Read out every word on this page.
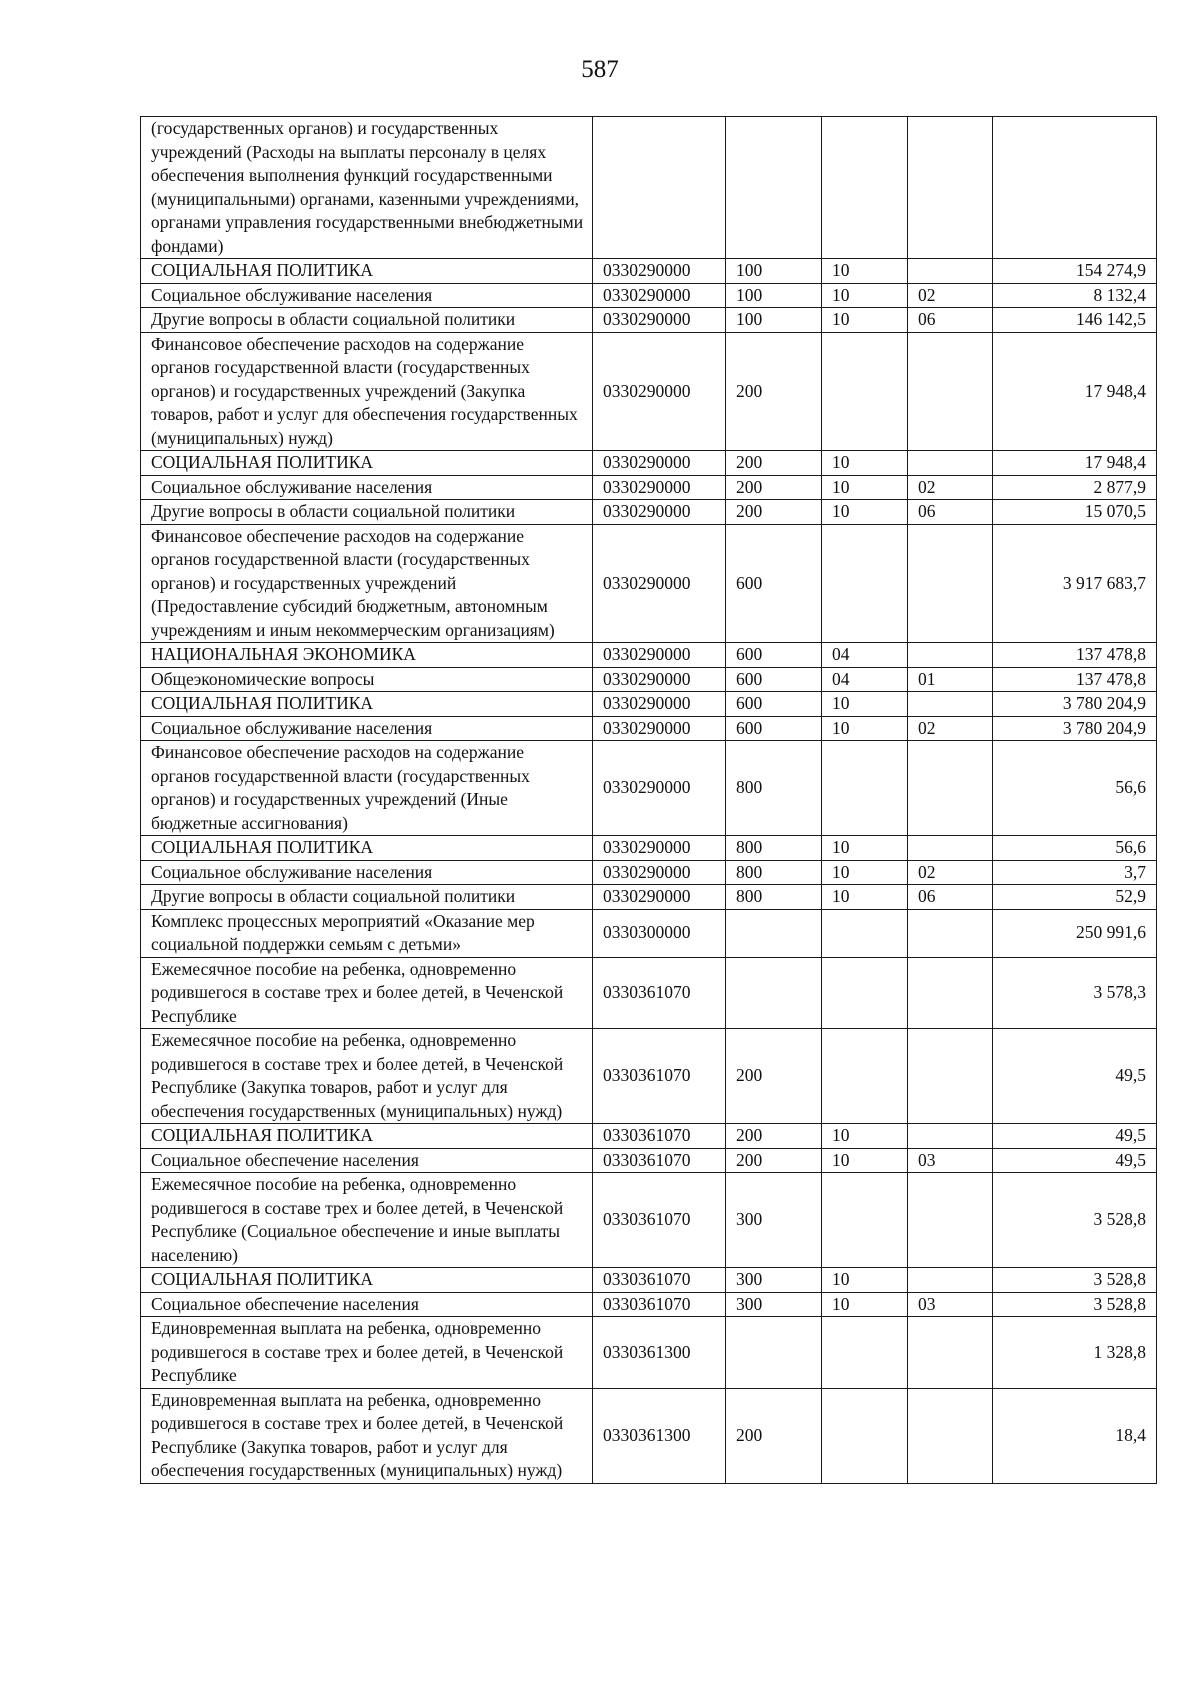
587
(государственных органов) и государственных учреждений (Расходы на выплаты персоналу в целях обеспечения выполнения функций государственными (муниципальными) органами, казенными учреждениями, органами управления государственными внебюджетными фондами)					
СОЦИАЛЬНАЯ ПОЛИТИКА	0330290000	100	10		154 274,9
Социальное обслуживание населения	0330290000	100	10	02	8 132,4
Другие вопросы в области социальной политики	0330290000	100	10	06	146 142,5
Финансовое обеспечение расходов на содержание органов государственной власти (государственных органов) и государственных учреждений (Закупка товаров, работ и услуг для обеспечения государственных (муниципальных) нужд)	0330290000	200			17 948,4
СОЦИАЛЬНАЯ ПОЛИТИКА	0330290000	200	10		17 948,4
Социальное обслуживание населения	0330290000	200	10	02	2 877,9
Другие вопросы в области социальной политики	0330290000	200	10	06	15 070,5
Финансовое обеспечение расходов на содержание органов государственной власти (государственных органов) и государственных учреждений (Предоставление субсидий бюджетным, автономным учреждениям и иным некоммерческим организациям)	0330290000	600			3 917 683,7
НАЦИОНАЛЬНАЯ ЭКОНОМИКА	0330290000	600	04		137 478,8
Общеэкономические вопросы	0330290000	600	04	01	137 478,8
СОЦИАЛЬНАЯ ПОЛИТИКА	0330290000	600	10		3 780 204,9
Социальное обслуживание населения	0330290000	600	10	02	3 780 204,9
Финансовое обеспечение расходов на содержание органов государственной власти (государственных органов) и государственных учреждений (Иные бюджетные ассигнования)	0330290000	800			56,6
СОЦИАЛЬНАЯ ПОЛИТИКА	0330290000	800	10		56,6
Социальное обслуживание населения	0330290000	800	10	02	3,7
Другие вопросы в области социальной политики	0330290000	800	10	06	52,9
Комплекс процессных мероприятий «Оказание мер социальной поддержки семьям с детьми»	0330300000				250 991,6
Ежемесячное пособие на ребенка, одновременно родившегося в составе трех и более детей, в Чеченской Республике	0330361070				3 578,3
Ежемесячное пособие на ребенка, одновременно родившегося в составе трех и более детей, в Чеченской Республике (Закупка товаров, работ и услуг для обеспечения государственных (муниципальных) нужд)	0330361070	200			49,5
СОЦИАЛЬНАЯ ПОЛИТИКА	0330361070	200	10		49,5
Социальное обеспечение населения	0330361070	200	10	03	49,5
Ежемесячное пособие на ребенка, одновременно родившегося в составе трех и более детей, в Чеченской Республике (Социальное обеспечение и иные выплаты населению)	0330361070	300			3 528,8
СОЦИАЛЬНАЯ ПОЛИТИКА	0330361070	300	10		3 528,8
Социальное обеспечение населения	0330361070	300	10	03	3 528,8
Единовременная выплата на ребенка, одновременно родившегося в составе трех и более детей, в Чеченской Республике	0330361300				1 328,8
Единовременная выплата на ребенка, одновременно родившегося в составе трех и более детей, в Чеченской Республике (Закупка товаров, работ и услуг для обеспечения государственных (муниципальных) нужд)	0330361300	200			18,4
